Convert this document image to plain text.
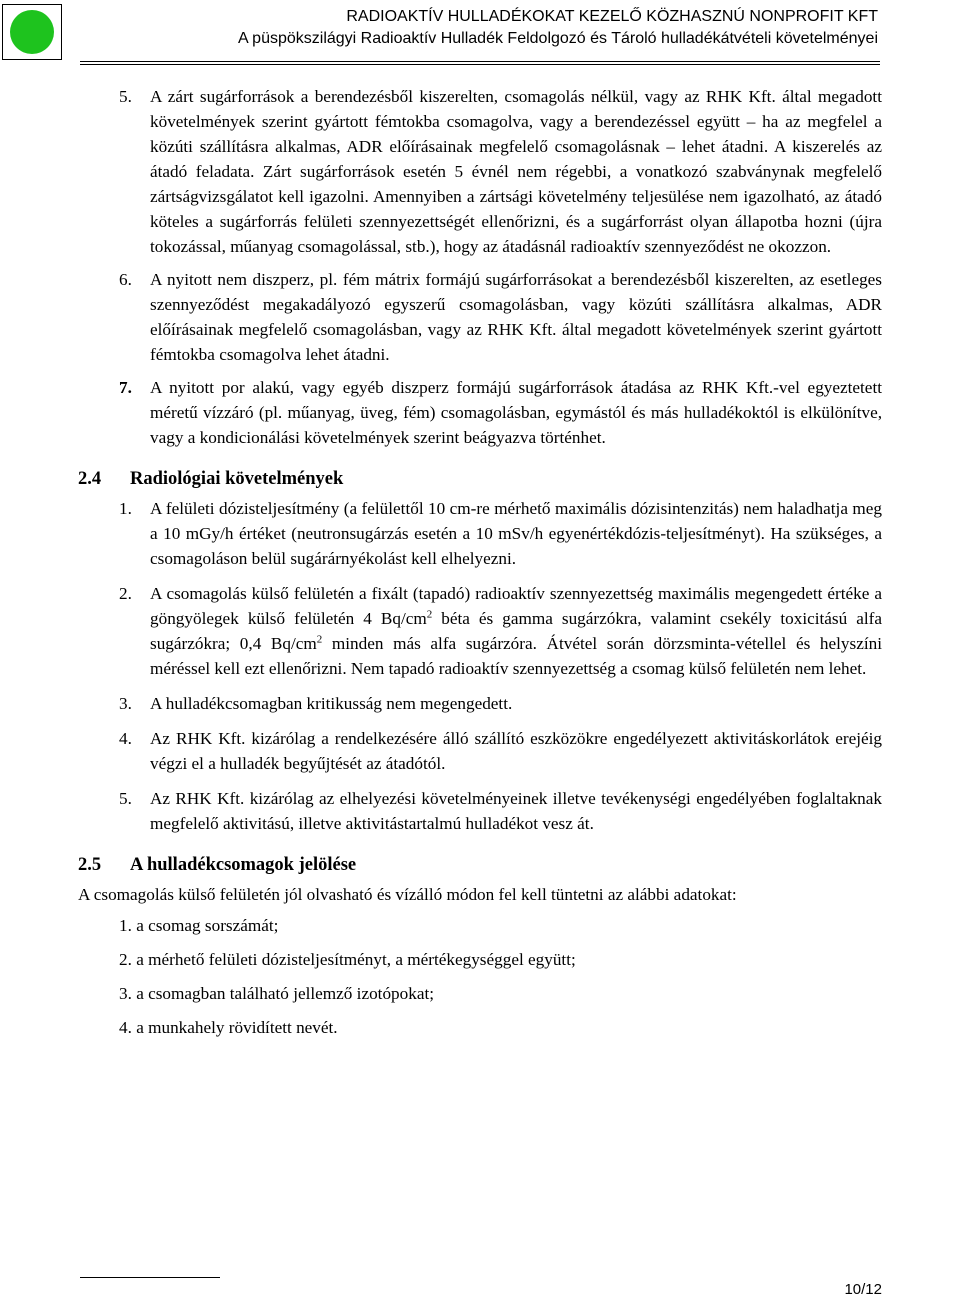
RADIOAKTÍV HULLADÉKOKAT KEZELŐ KÖZHASZNÚ NONPROFIT KFT
A püspökszilágyi Radioaktív Hulladék Feldolgozó és Tároló hulladékátvételi követelményei
5. A zárt sugárforrások a berendezésből kiszerelten, csomagolás nélkül, vagy az RHK Kft. által megadott követelmények szerint gyártott fémtokba csomagolva, vagy a berendezéssel együtt – ha az megfelel a közúti szállításra alkalmas, ADR előírásainak megfelelő csomagolásnak – lehet átadni. A kiszerelés az átadó feladata. Zárt sugárforrások esetén 5 évnél nem régebbi, a vonatkozó szabványnak megfelelő zártságvizsgálatot kell igazolni. Amennyiben a zártsági követelmény teljesülése nem igazolható, az átadó köteles a sugárforrás felületi szennyezettségét ellenőrizni, és a sugárforrást olyan állapotba hozni (újra tokozással, műanyag csomagolással, stb.), hogy az átadásnál radioaktív szennyeződést ne okozzon.

6. A nyitott nem diszperz, pl. fém mátrix formájú sugárforrásokat a berendezésből kiszerelten, az esetleges szennyeződést megakadályozó egyszerű csomagolásban, vagy közúti szállításra alkalmas, ADR előírásainak megfelelő csomagolásban, vagy az RHK Kft. által megadott követelmények szerint gyártott fémtokba csomagolva lehet átadni.

7. A nyitott por alakú, vagy egyéb diszperz formájú sugárforrások átadása az RHK Kft.-vel egyeztetett méretű vízzáró (pl. műanyag, üveg, fém) csomagolásban, egymástól és más hulladékoktól is elkülönítve, vagy a kondicionálási követelmények szerint beágyazva történhet.

2.4 Radiológiai követelmények
1. A felületi dózisteljesítmény (a felülettől 10 cm-re mérhető maximális dózisintenzitás) nem haladhatja meg a 10 mGy/h értéket (neutronsugárzás esetén a 10 mSv/h egyenértékdózis-teljesítményt). Ha szükséges, a csomagoláson belül sugárárnyékolást kell elhelyezni.

2. A csomagolás külső felületén a fixált (tapadó) radioaktív szennyezettség maximális megengedett értéke a göngyölegek külső felületén 4 $Bq/cm^2$ béta és gamma sugárzókra, valamint csekély toxicitású alfa sugárzókra; 0,4 $Bq/cm^2$ minden más alfa sugárzóra. Átvétel során dörzsminta-vétellel és helyszíni méréssel kell ezt ellenőrizni. Nem tapadó radioaktív szennyezettség a csomag külső felületén nem lehet.

3. A hulladékcsomagban kritikusság nem megengedett.

4. Az RHK Kft. kizárólag a rendelkezésére álló szállító eszközökre engedélyezett aktivitáskorlátok erejéig végzi el a hulladék begyűjtését az átadótól.

5. Az RHK Kft. kizárólag az elhelyezési követelményeinek illetve tevékenységi engedélyében foglaltaknak megfelelő aktivitású, illetve aktivitástartalmú hulladékot vesz át.

2.5 A hulladékcsomagok jelölése

A csomagolás külső felületén jól olvasható és vízálló módon fel kell tüntetni az alábbi adatokat:

1. a csomag sorszámát;
2. a mérhető felületi dózisteljesítményt, a mértékegységgel együtt;
3. a csomagban található jellemző izotópokat;
4. a munkahely rövidített nevét.
10/12
